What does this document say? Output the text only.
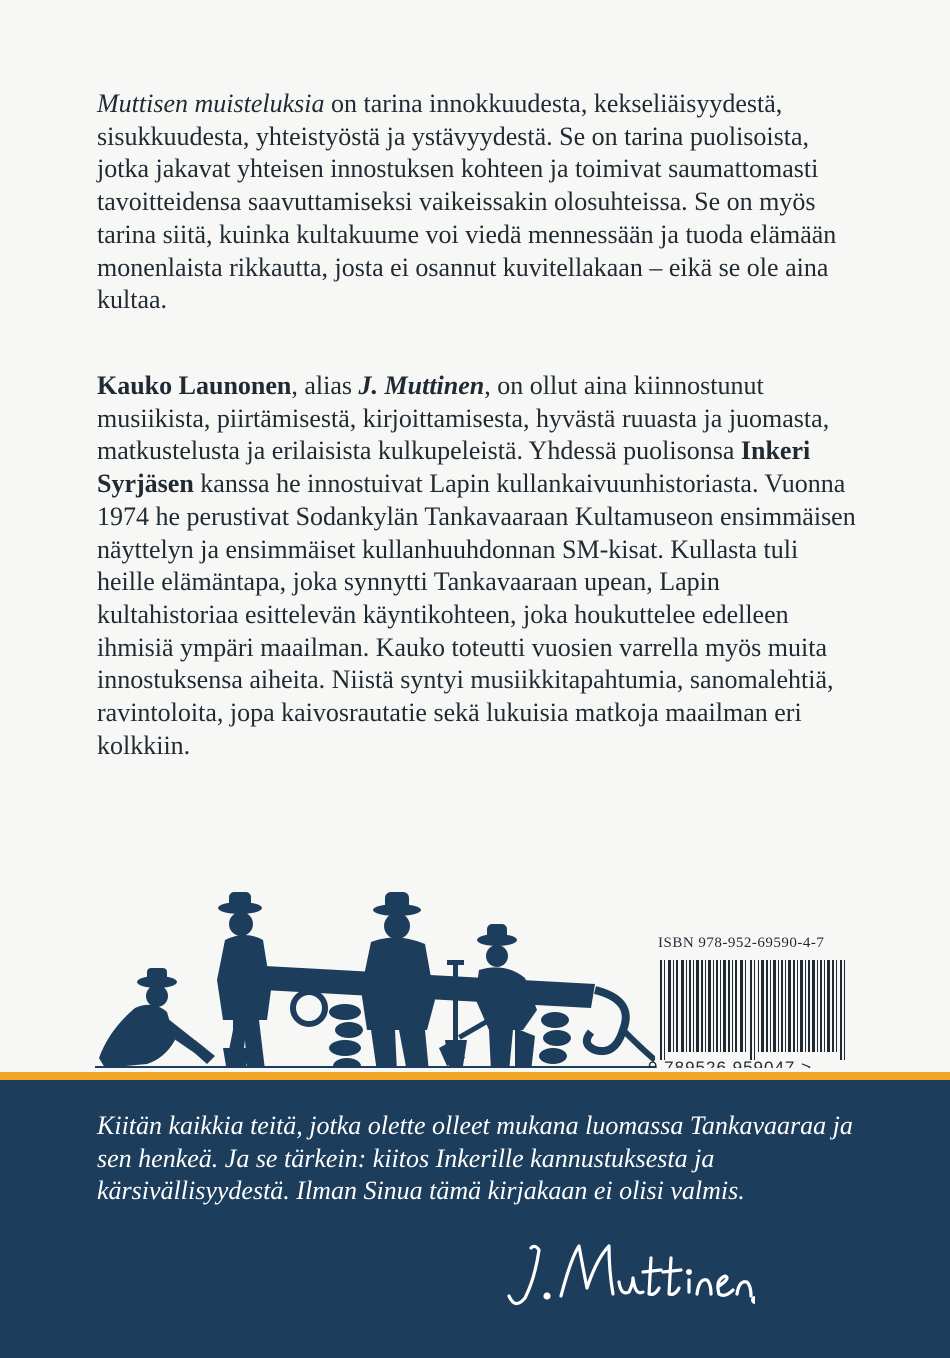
Muttisen muisteluksia on tarina innokkuudesta, kekseliäisyydestä, sisukkuudesta, yhteistyöstä ja ystävyydestä. Se on tarina puolisoista, jotka jakavat yhteisen innostuksen kohteen ja toimivat saumattomasti tavoitteidensa saavuttamiseksi vaikeissakin olosuhteissa. Se on myös tarina siitä, kuinka kultakuume voi viedä mennessään ja tuoda elämään monenlaista rikkautta, josta ei osannut kuvitellakaan – eikä se ole aina kultaa.

Kauko Launonen, alias J. Muttinen, on ollut aina kiinnostunut musiikista, piirtämisestä, kirjoittamisesta, hyvästä ruuasta ja juomasta, matkustelusta ja erilaisista kulkupeleistä. Yhdessä puolisonsa Inkeri Syrjäsen kanssa he innostuivat Lapin kullankaivuunhistoriasta. Vuonna 1974 he perustivat Sodankylän Tankavaaraan Kultamuseon ensimmäisen näyttelyn ja ensimmäiset kullanhuuhdonnan SM-kisat. Kullasta tuli heille elämäntapa, joka synnytti Tankavaaraan upean, Lapin kultahistoriaa esittelevän käyntikohteen, joka houkuttelee edelleen ihmisiä ympäri maailman. Kauko toteutti vuosien varrella myös muita innostuksensa aiheita. Niistä syntyi musiikkitapahtumia, sanomalehtiä, ravintoloita, jopa kaivosrautatie sekä lukuisia matkoja maailman eri kolkkiin.

ISBN 978-952-69590-4-7

Kiitän kaikkia teitä, jotka olette olleet mukana luomassa Tankavaaraa ja sen henkeä. Ja se tärkein: kiitos Inkerille kannustuksesta ja kärsivällisyydestä. Ilman Sinua tämä kirjakaan ei olisi valmis.
